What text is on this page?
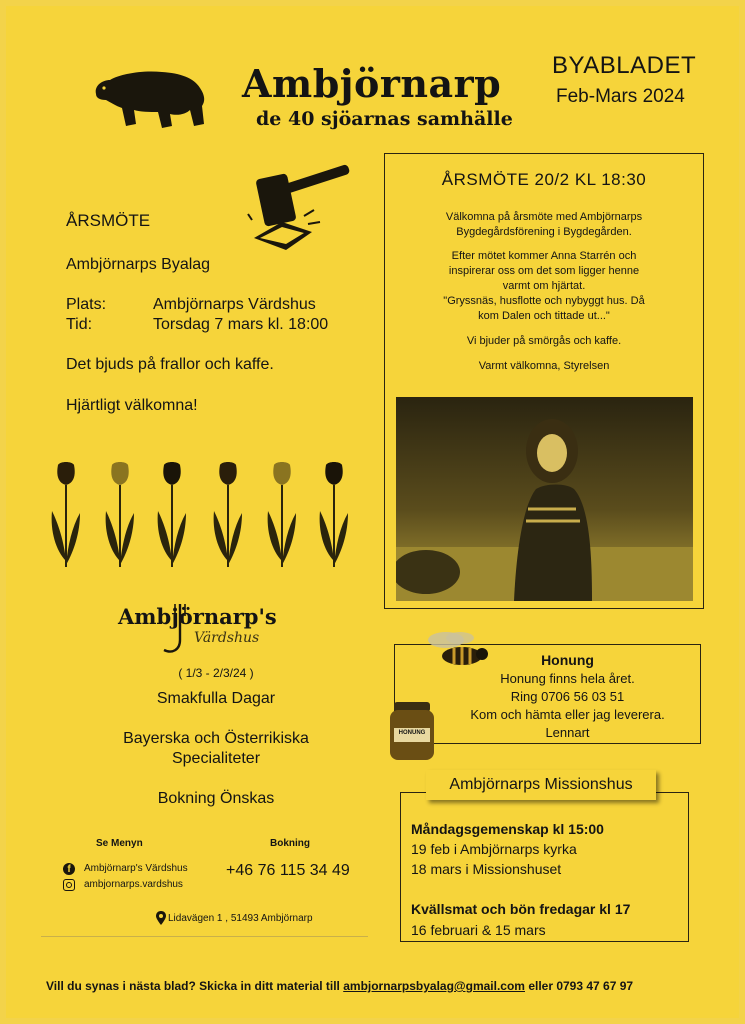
Ambjörnarp
de 40 sjöarnas samhälle
BYABLADET
Feb-Mars 2024
ÅRSMÖTE
Ambjörnarps Byalag
Plats:	Ambjörnarps Värdshus
Tid:	Torsdag 7 mars kl. 18:00
Det bjuds på frallor och kaffe.
Hjärtligt välkomna!
ÅRSMÖTE 20/2 KL 18:30
Välkomna på årsmöte med Ambjörnarps
Bygdegårdsförening i Bygdegården.
Efter mötet kommer Anna Starrén och
inspirerar oss om det som ligger henne
varmt om hjärtat.
"Gryssnäs, husflotte och nybyggt hus. Då
kom Dalen och tittade ut..."
Vi bjuder på smörgås och kaffe.
Varmt välkomna, Styrelsen
Ambjörnarp's
Värdshus
( 1/3 - 2/3/24 )
Smakfulla Dagar
Bayerska och Österrikiska
Specialiteter
Bokning Önskas
Se Menyn	Bokning
f	Ambjörnarp's Värdshus
ambjornarps.vardshus
+46 76 115 34 49
Lidavägen 1 , 51493 Ambjörnarp
Honung
Honung finns hela året.
Ring 0706 56 03 51
Kom och hämta eller jag leverera.
Lennart
HONUNG
Måndagsgemenskap kl 15:00
19 feb i Ambjörnarps kyrka
18 mars i Missionshuset
Kvällsmat och bön fredagar kl 17
16 februari & 15 mars
Ambjörnarps Missionshus
Vill du synas i nästa blad? Skicka in ditt material till ambjornarpsbyalag@gmail.com eller 0793 47 67 97
